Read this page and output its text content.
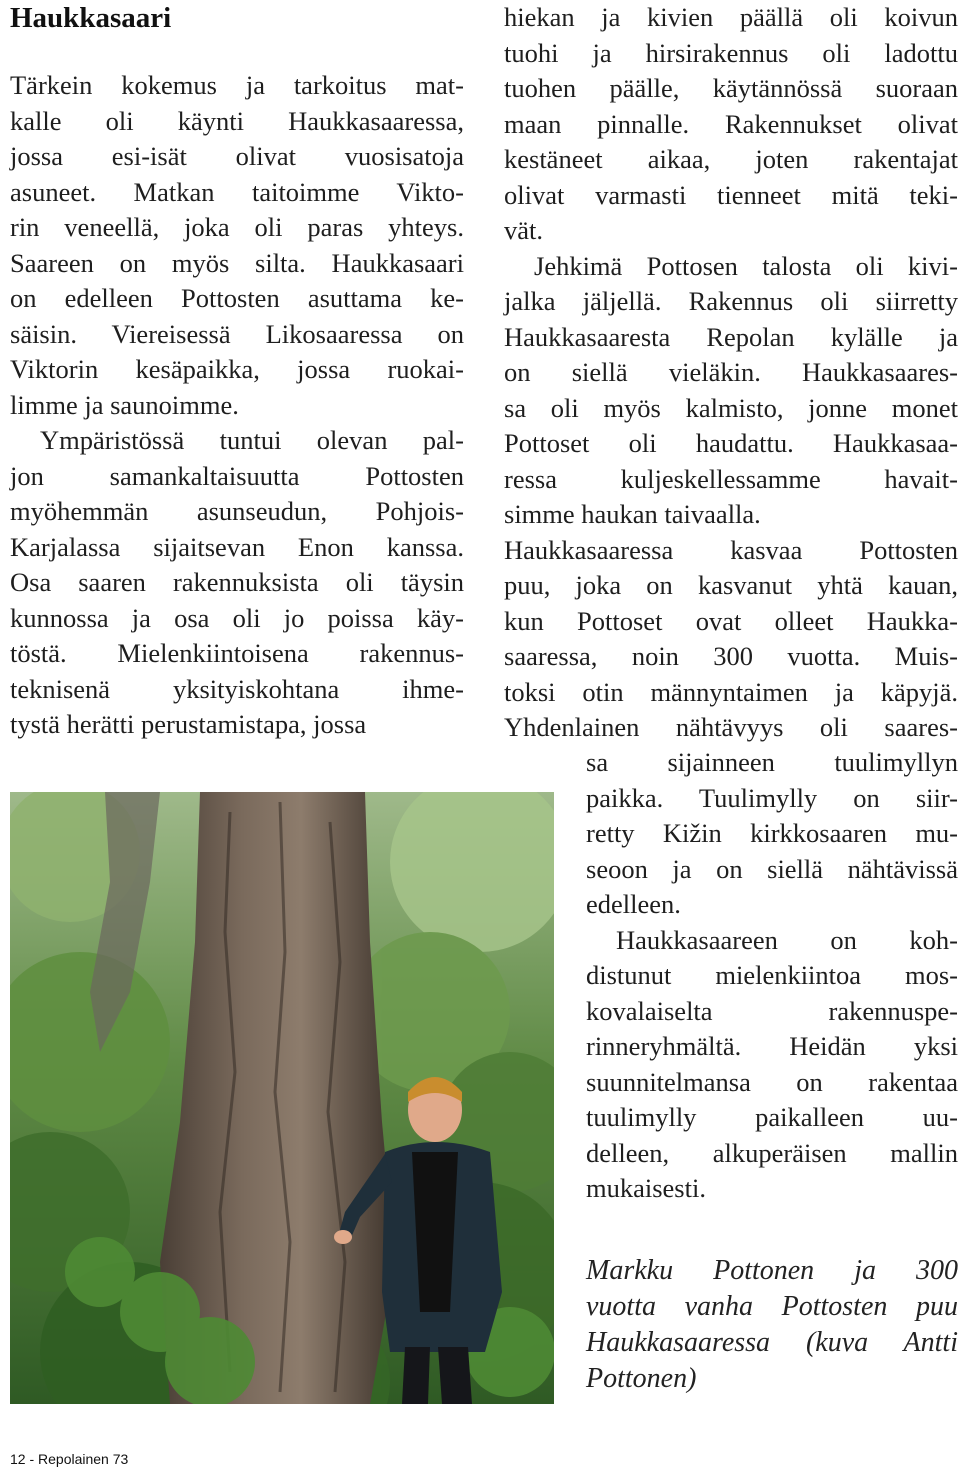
Haukkasaari
Tärkein kokemus ja tarkoitus mat-
kalle oli käynti Haukkasaaressa,
jossa esi-isät olivat vuosisatoja
asuneet. Matkan taitoimme Vikto-
rin veneellä, joka oli paras yhteys.
Saareen on myös silta. Haukkasaari
on edelleen Pottosten asuttama ke-
säisin. Viereisessä Likosaaressa on
Viktorin kesäpaikka, jossa ruokai-
limme ja saunoimme.
Ympäristössä tuntui olevan pal-
jon samankaltaisuutta Pottosten
myöhemmän asunseudun, Pohjois-
Karjalassa sijaitsevan Enon kanssa.
Osa saaren rakennuksista oli täysin
kunnossa ja osa oli jo poissa käy-
töstä. Mielenkiintoisena rakennus-
teknisenä yksityiskohtana ihme-
tystä herätti perustamistapa, jossa
hiekan ja kivien päällä oli koivun
tuohi ja hirsirakennus oli ladottu
tuohen päälle, käytännössä suoraan
maan pinnalle. Rakennukset olivat
kestäneet aikaa, joten rakentajat
olivat varmasti tienneet mitä teki-
vät.
Jehkimä Pottosen talosta oli kivi-
jalka jäljellä. Rakennus oli siirretty
Haukkasaaresta Repolan kylälle ja
on siellä vieläkin. Haukkasaares-
sa oli myös kalmisto, jonne monet
Pottoset oli haudattu. Haukkasaa-
ressa kuljeskellessamme havait-
simme haukan taivaalla.
Haukkasaaressa kasvaa Pottosten
puu, joka on kasvanut yhtä kauan,
kun Pottoset ovat olleet Haukka-
saaressa, noin 300 vuotta. Muis-
toksi otin männyntaimen ja käpyjä.
Yhdenlainen nähtävyys oli saares-
sa sijainneen tuulimyllyn
paikka. Tuulimylly on siir-
retty Kižin kirkkosaaren mu-
seoon ja on siellä nähtävissä
edelleen.
Haukkasaareen on koh-
distunut mielenkiintoa mos-
kovalaiselta rakennuspe-
rinneryhmältä. Heidän yksi
suunnitelmansa on rakentaa
tuulimylly paikalleen uu-
delleen, alkuperäisen mallin
mukaisesti.
Markku Pottonen ja 300
vuotta vanha Pottosten puu
Haukkasaaressa (kuva Antti
Pottonen)
12 - Repolainen 73
